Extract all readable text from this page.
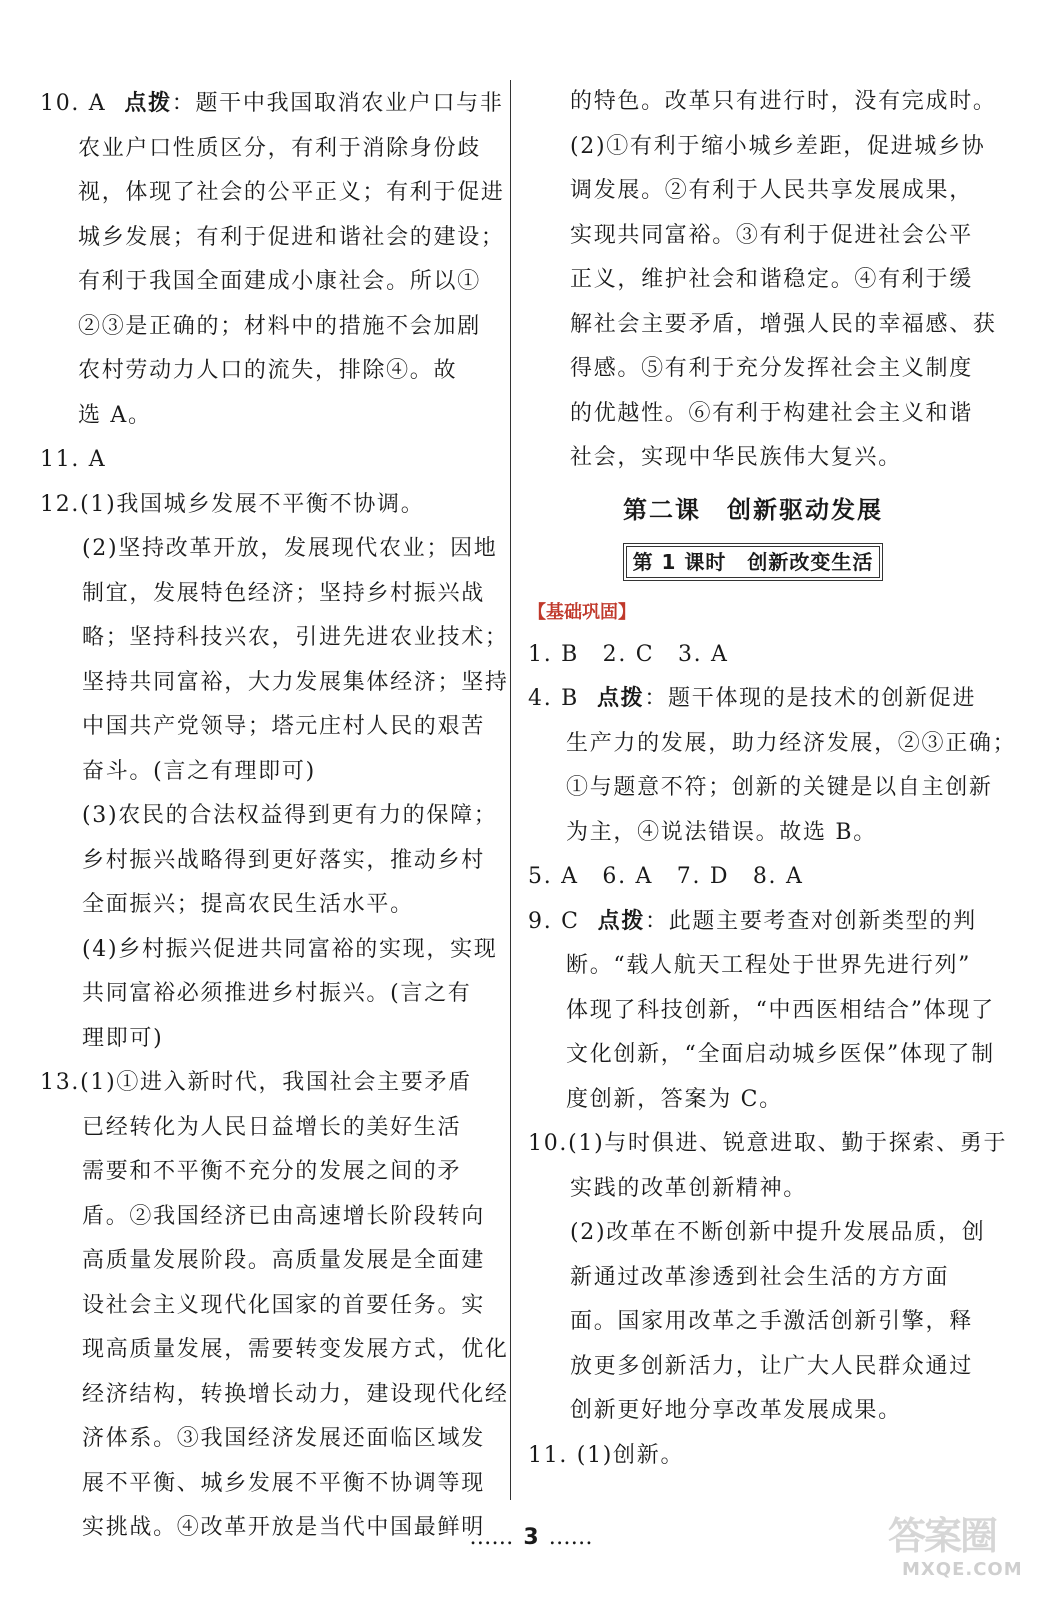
10. A 点拨：题干中我国取消农业户口与非
农业户口性质区分，有利于消除身份歧
视，体现了社会的公平正义；有利于促进
城乡发展；有利于促进和谐社会的建设；
有利于我国全面建成小康社会。所以①
②③是正确的；材料中的措施不会加剧
农村劳动力人口的流失，排除④。故
选 A。
11. A
12.(1)我国城乡发展不平衡不协调。
(2)坚持改革开放，发展现代农业；因地
制宜，发展特色经济；坚持乡村振兴战
略；坚持科技兴农，引进先进农业技术；
坚持共同富裕，大力发展集体经济；坚持
中国共产党领导；塔元庄村人民的艰苦
奋斗。(言之有理即可)
(3)农民的合法权益得到更有力的保障；
乡村振兴战略得到更好落实，推动乡村
全面振兴；提高农民生活水平。
(4)乡村振兴促进共同富裕的实现，实现
共同富裕必须推进乡村振兴。(言之有
理即可)
13.(1)①进入新时代，我国社会主要矛盾
已经转化为人民日益增长的美好生活
需要和不平衡不充分的发展之间的矛
盾。②我国经济已由高速增长阶段转向
高质量发展阶段。高质量发展是全面建
设社会主义现代化国家的首要任务。实
现高质量发展，需要转变发展方式，优化
经济结构，转换增长动力，建设现代化经
济体系。③我国经济发展还面临区域发
展不平衡、城乡发展不平衡不协调等现
实挑战。④改革开放是当代中国最鲜明
的特色。改革只有进行时，没有完成时。
(2)①有利于缩小城乡差距，促进城乡协
调发展。②有利于人民共享发展成果，
实现共同富裕。③有利于促进社会公平
正义，维护社会和谐稳定。④有利于缓
解社会主要矛盾，增强人民的幸福感、获
得感。⑤有利于充分发挥社会主义制度
的优越性。⑥有利于构建社会主义和谐
社会，实现中华民族伟大复兴。
第二课　创新驱动发展
第 1 课时　创新改变生活
【基础巩固】
1. B　2. C　3. A
4. B 点拨：题干体现的是技术的创新促进
生产力的发展，助力经济发展，②③正确；
①与题意不符；创新的关键是以自主创新
为主，④说法错误。故选 B。
5. A　6. A　7. D　8. A
9. C 点拨：此题主要考查对创新类型的判
断。“载人航天工程处于世界先进行列”
体现了科技创新，“中西医相结合”体现了
文化创新，“全面启动城乡医保”体现了制
度创新，答案为 C。
10.(1)与时俱进、锐意进取、勤于探索、勇于
实践的改革创新精神。
(2)改革在不断创新中提升发展品质，创
新通过改革渗透到社会生活的方方面
面。国家用改革之手激活创新引擎，释
放更多创新活力，让广大人民群众通过
创新更好地分享改革发展成果。
11. (1)创新。
…… 3 ……	答案圈
MXQE.COM
